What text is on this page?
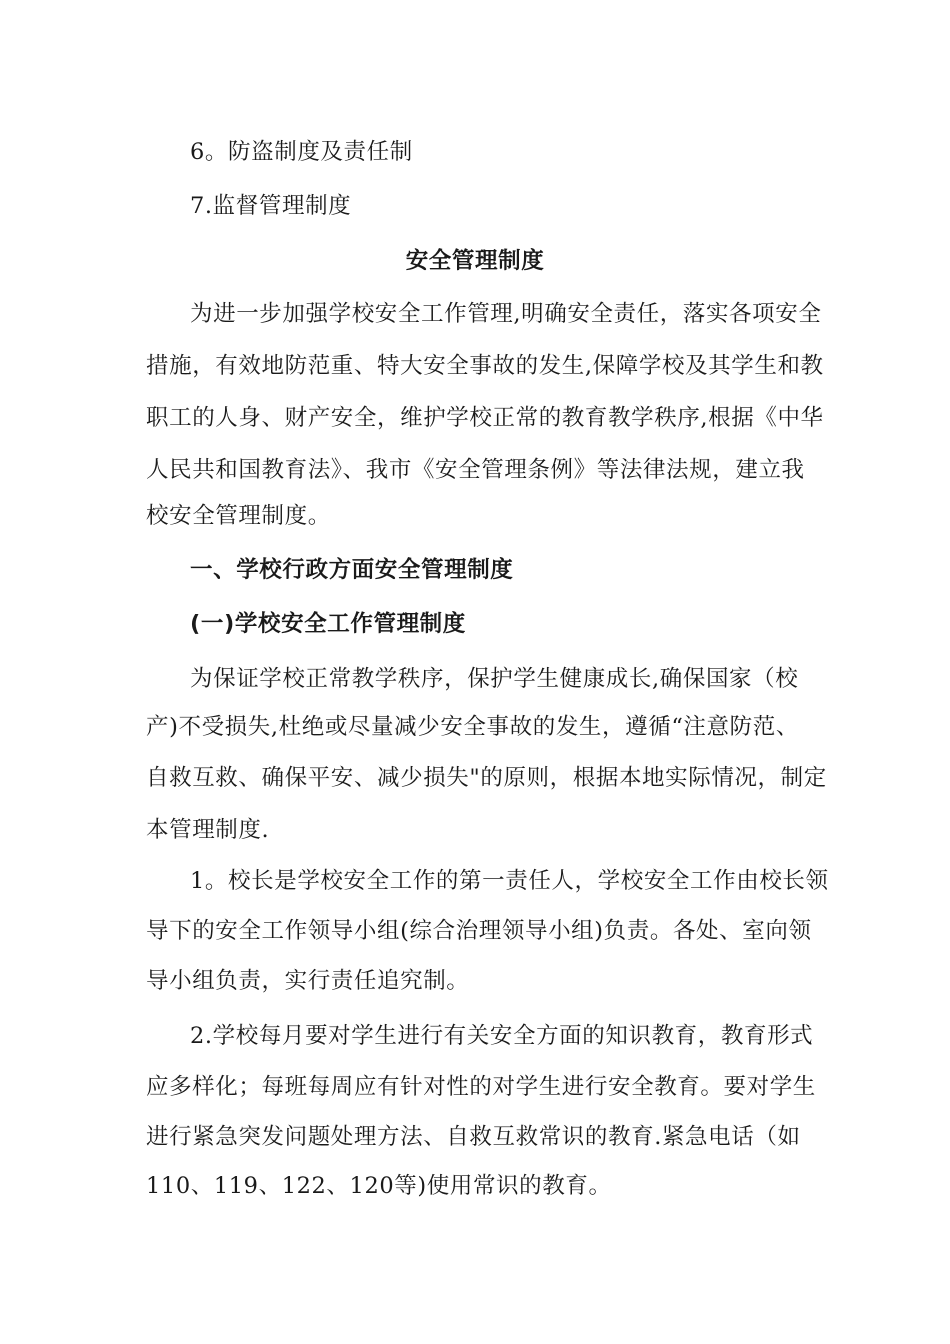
6。防盗制度及责任制
7.监督管理制度
安全管理制度
为进一步加强学校安全工作管理,明确安全责任，落实各项安全
措施，有效地防范重、特大安全事故的发生,保障学校及其学生和教
职工的人身、财产安全，维护学校正常的教育教学秩序,根据《中华
人民共和国教育法》、我市《安全管理条例》等法律法规，建立我
校安全管理制度。
一、学校行政方面安全管理制度
(一)学校安全工作管理制度
为保证学校正常教学秩序，保护学生健康成长,确保国家（校
产)不受损失,杜绝或尽量减少安全事故的发生，遵循“注意防范、
自救互救、确保平安、减少损失"的原则，根据本地实际情况，制定
本管理制度.
1。校长是学校安全工作的第一责任人，学校安全工作由校长领
导下的安全工作领导小组(综合治理领导小组)负责。各处、室向领
导小组负责，实行责任追究制。
2.学校每月要对学生进行有关安全方面的知识教育，教育形式
应多样化；每班每周应有针对性的对学生进行安全教育。要对学生
进行紧急突发问题处理方法、自救互救常识的教育.紧急电话（如
110、119、122、120等)使用常识的教育。
